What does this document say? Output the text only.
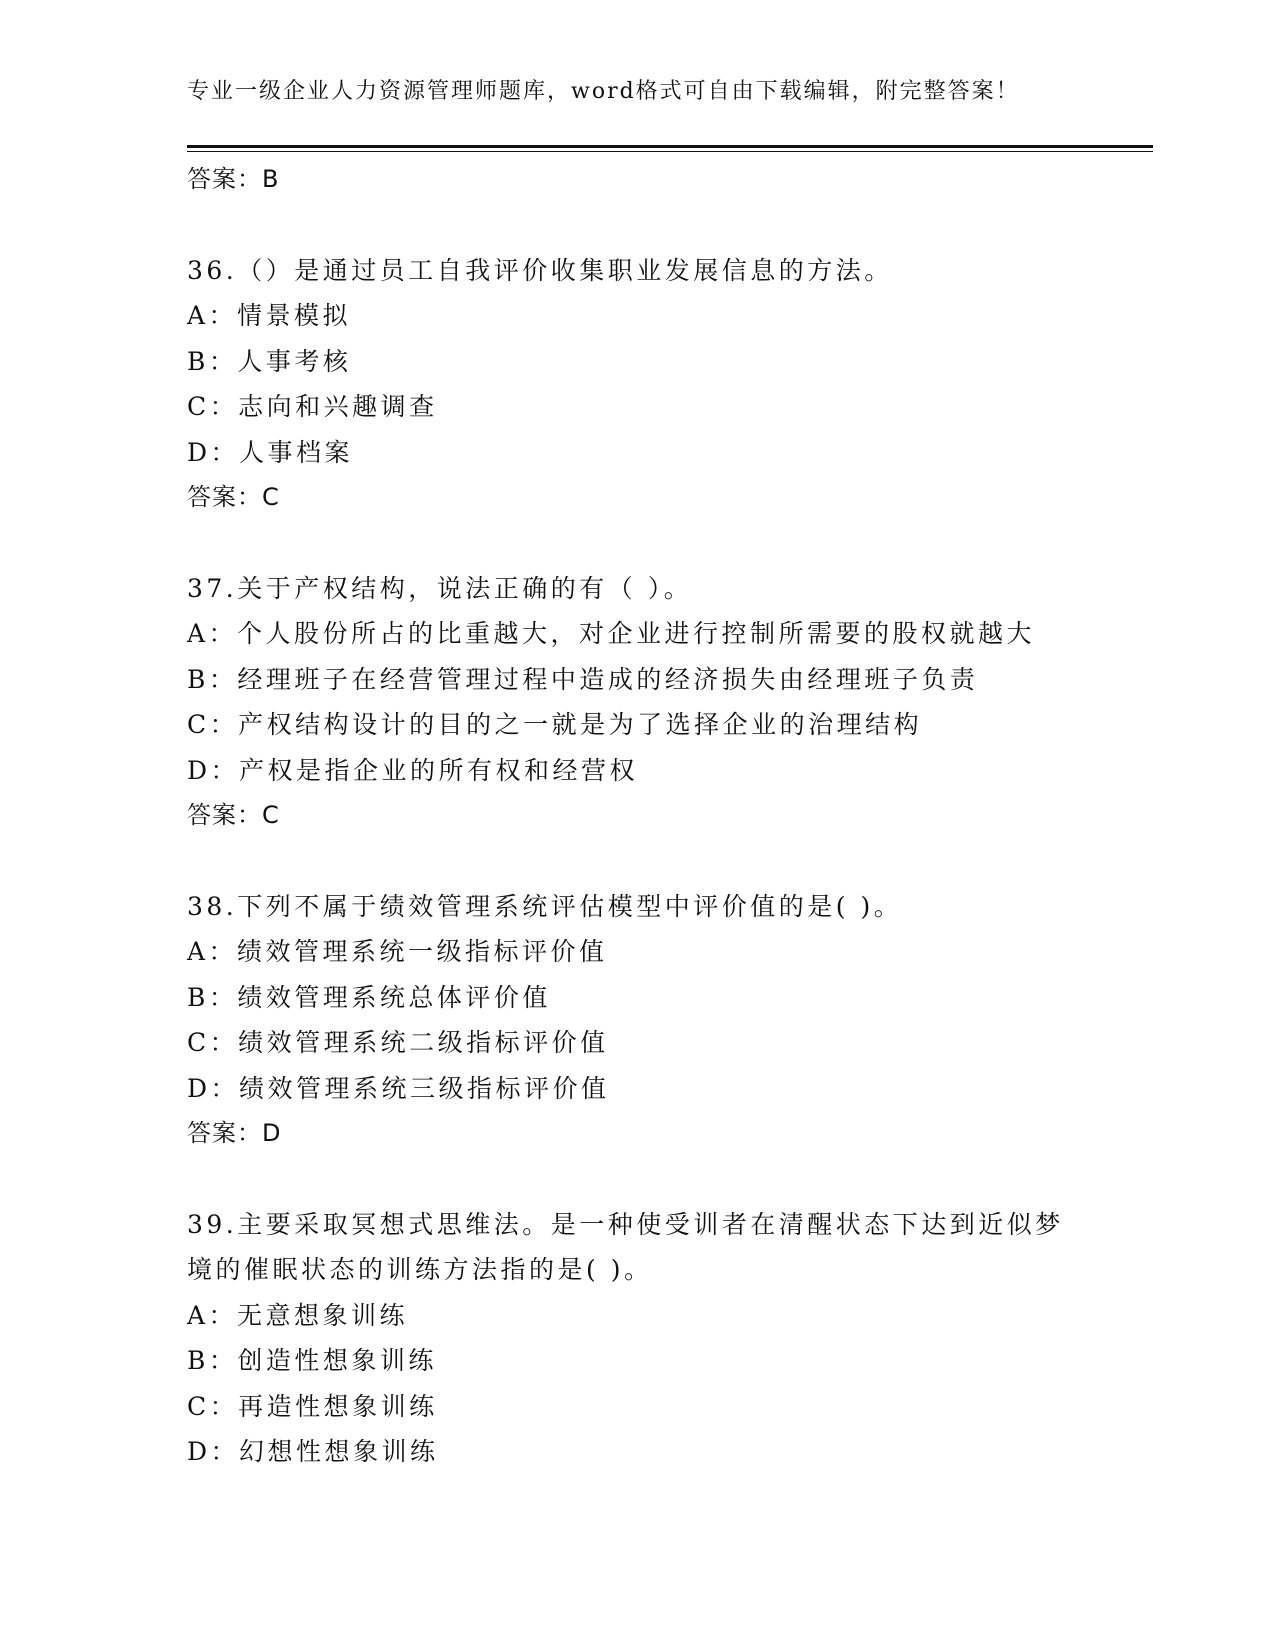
专业一级企业人力资源管理师题库，word格式可自由下载编辑，附完整答案！
答案：B
36.（）是通过员工自我评价收集职业发展信息的方法。
A：情景模拟
B：人事考核
C：志向和兴趣调查
D：人事档案
答案：C
37.关于产权结构，说法正确的有（ ）。
A：个人股份所占的比重越大，对企业进行控制所需要的股权就越大
B：经理班子在经营管理过程中造成的经济损失由经理班子负责
C：产权结构设计的目的之一就是为了选择企业的治理结构
D：产权是指企业的所有权和经营权
答案：C
38.下列不属于绩效管理系统评估模型中评价值的是( )。
A：绩效管理系统一级指标评价值
B：绩效管理系统总体评价值
C：绩效管理系统二级指标评价值
D：绩效管理系统三级指标评价值
答案：D
39.主要采取冥想式思维法。是一种使受训者在清醒状态下达到近似梦
境的催眠状态的训练方法指的是( )。
A：无意想象训练
B：创造性想象训练
C：再造性想象训练
D：幻想性想象训练
